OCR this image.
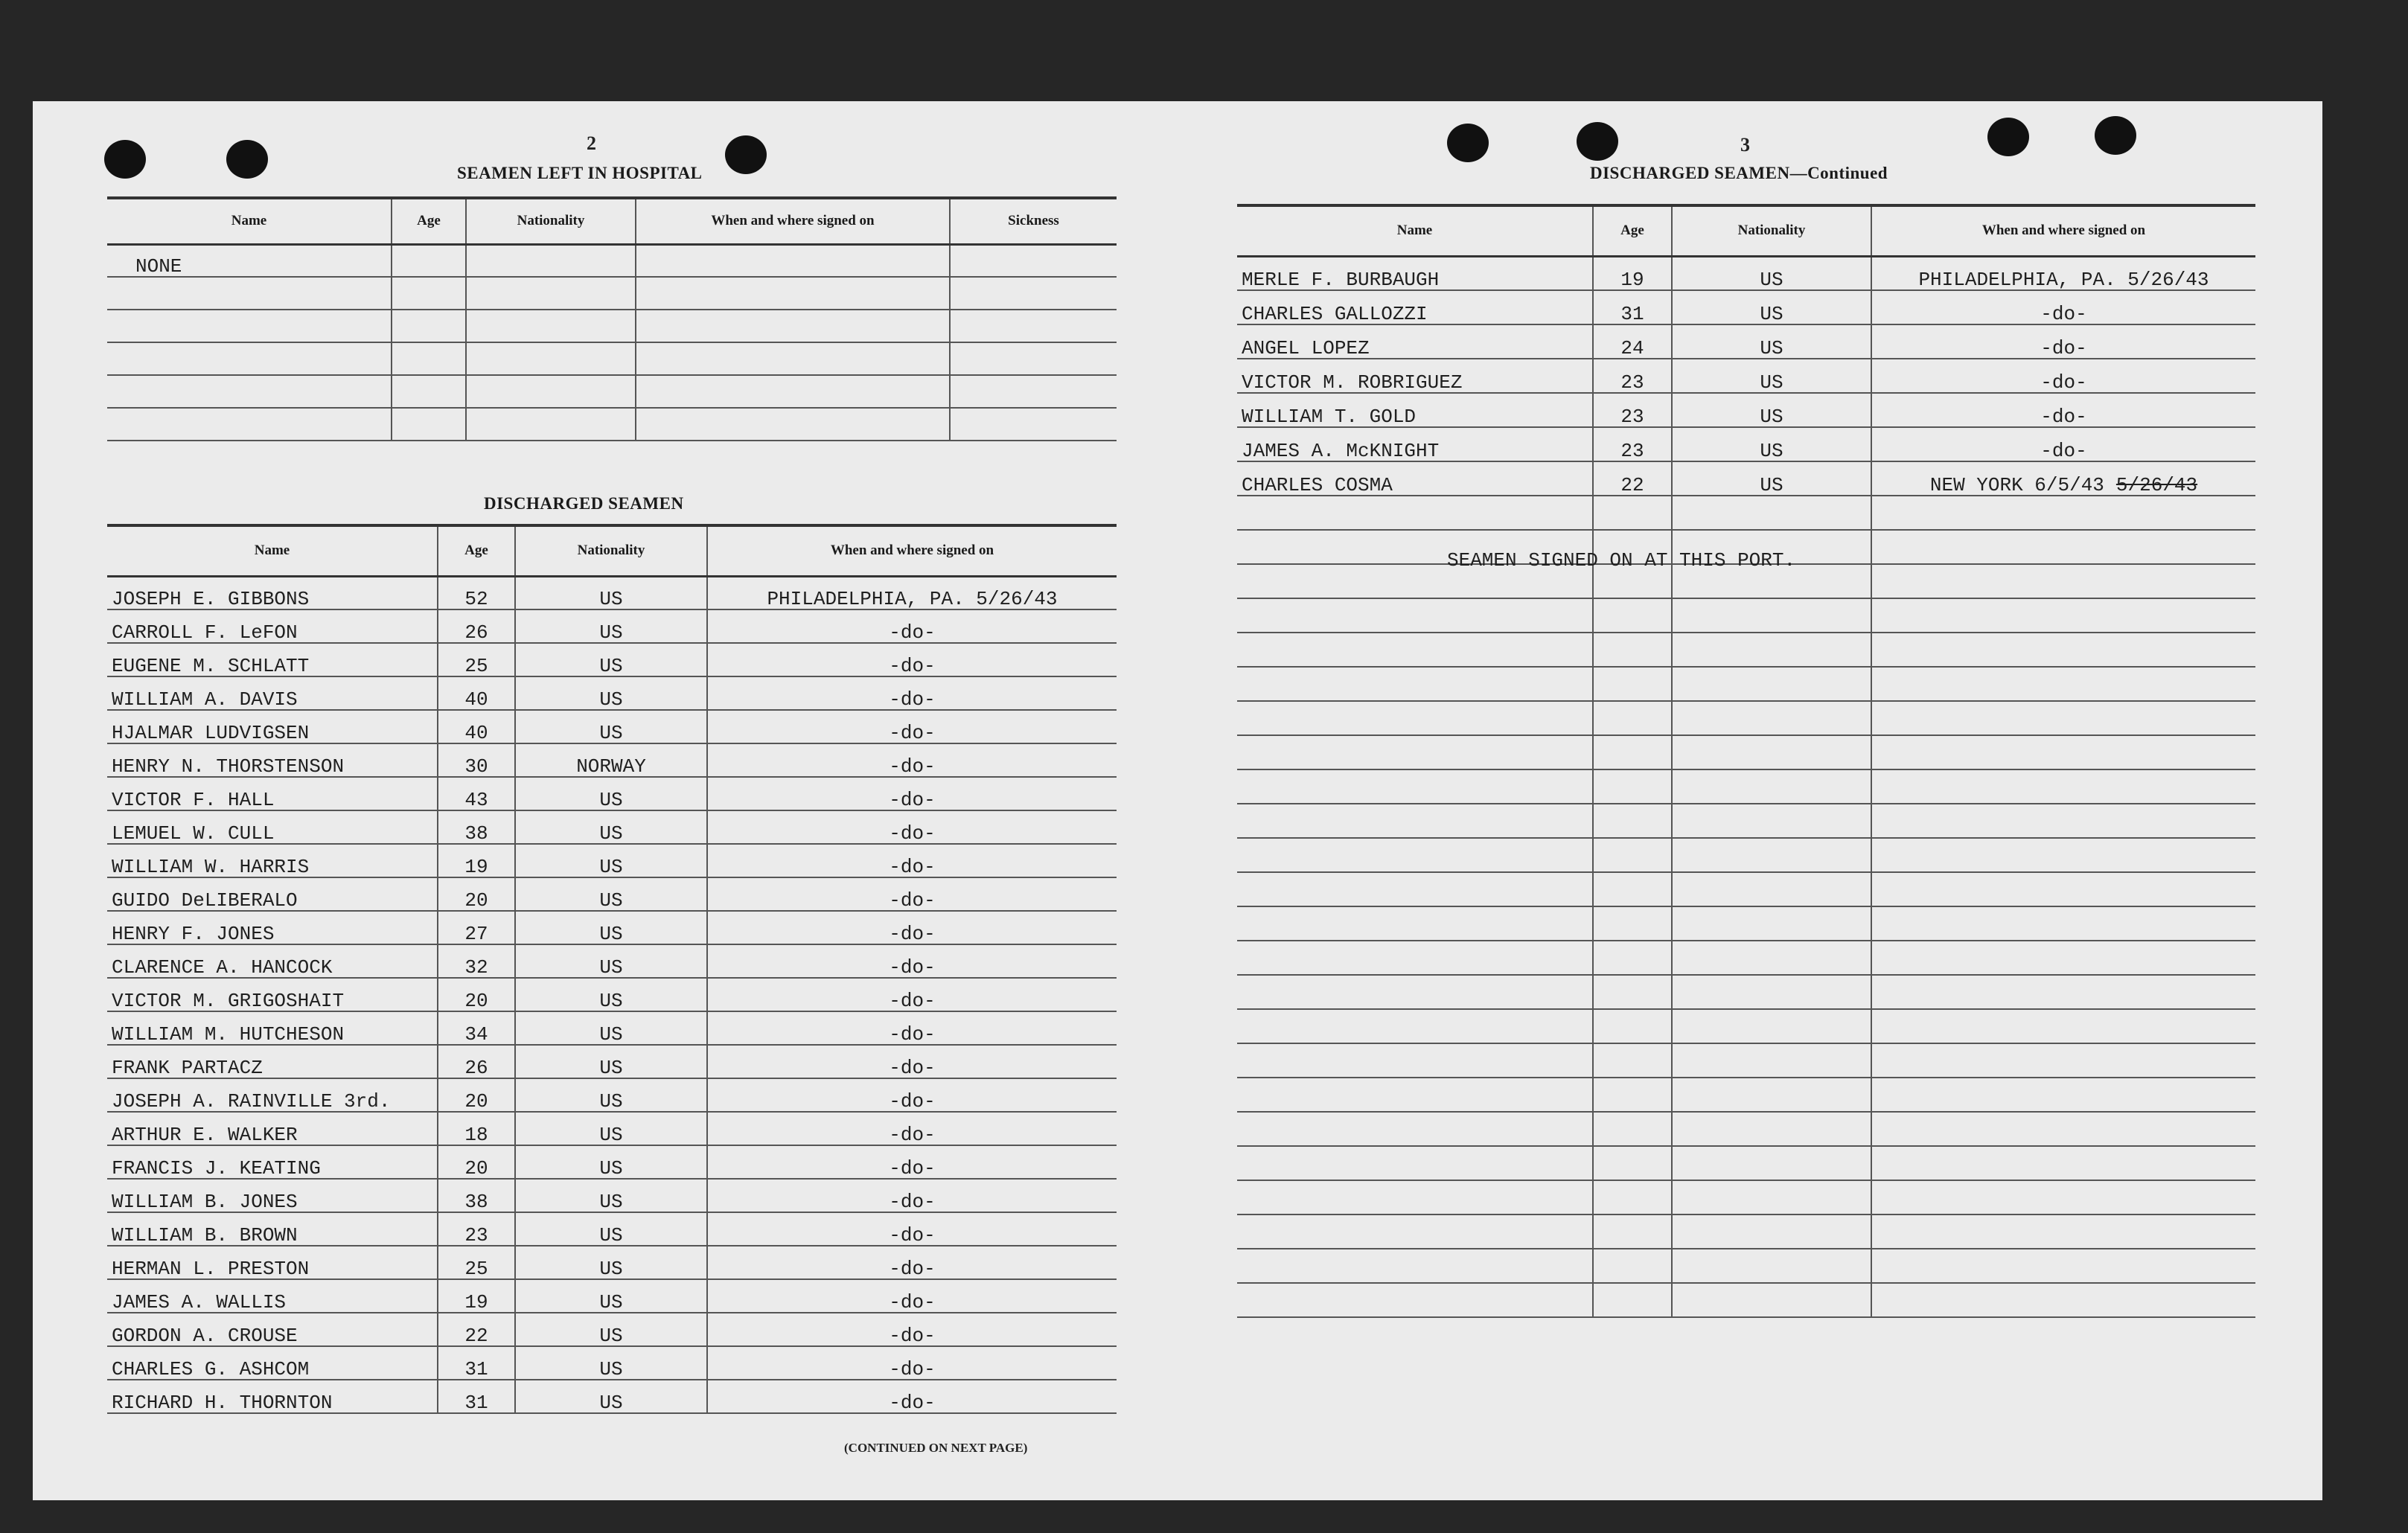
2
SEAMEN LEFT IN HOSPITAL
Name	Age	Nationality	When and where signed on	Sickness
NONE				

DISCHARGED SEAMEN
Name	Age	Nationality	When and where signed on
JOSEPH E. GIBBONS	52	US	PHILADELPHIA, PA. 5/26/43
CARROLL F. LeFON	26	US	-do-
EUGENE M. SCHLATT	25	US	-do-
WILLIAM A. DAVIS	40	US	-do-
HJALMAR LUDVIGSEN	40	US	-do-
HENRY N. THORSTENSON	30	NORWAY	-do-
VICTOR F. HALL	43	US	-do-
LEMUEL W. CULL	38	US	-do-
WILLIAM W. HARRIS	19	US	-do-
GUIDO DeLIBERALO	20	US	-do-
HENRY F. JONES	27	US	-do-
CLARENCE A. HANCOCK	32	US	-do-
VICTOR M. GRIGOSHAIT	20	US	-do-
WILLIAM M. HUTCHESON	34	US	-do-
FRANK PARTACZ	26	US	-do-
JOSEPH A. RAINVILLE 3rd.	20	US	-do-
ARTHUR E. WALKER	18	US	-do-
FRANCIS J. KEATING	20	US	-do-
WILLIAM B. JONES	38	US	-do-
WILLIAM B. BROWN	23	US	-do-
HERMAN L. PRESTON	25	US	-do-
JAMES A. WALLIS	19	US	-do-
GORDON A. CROUSE	22	US	-do-
CHARLES G. ASHCOM	31	US	-do-
RICHARD H. THORNTON	31	US	-do-
(CONTINUED ON NEXT PAGE)
3
DISCHARGED SEAMEN—Continued
Name	Age	Nationality	When and where signed on
MERLE F. BURBAUGH	19	US	PHILADELPHIA, PA. 5/26/43
CHARLES GALLOZZI	31	US	-do-
ANGEL LOPEZ	24	US	-do-
VICTOR M. ROBRIGUEZ	23	US	-do-
WILLIAM T. GOLD	23	US	-do-
JAMES A. McKNIGHT	23	US	-do-
CHARLES COSMA	22	US	NEW YORK 6/5/43 5/26/43

SEAMEN SIGNED ON AT THIS PORT.
